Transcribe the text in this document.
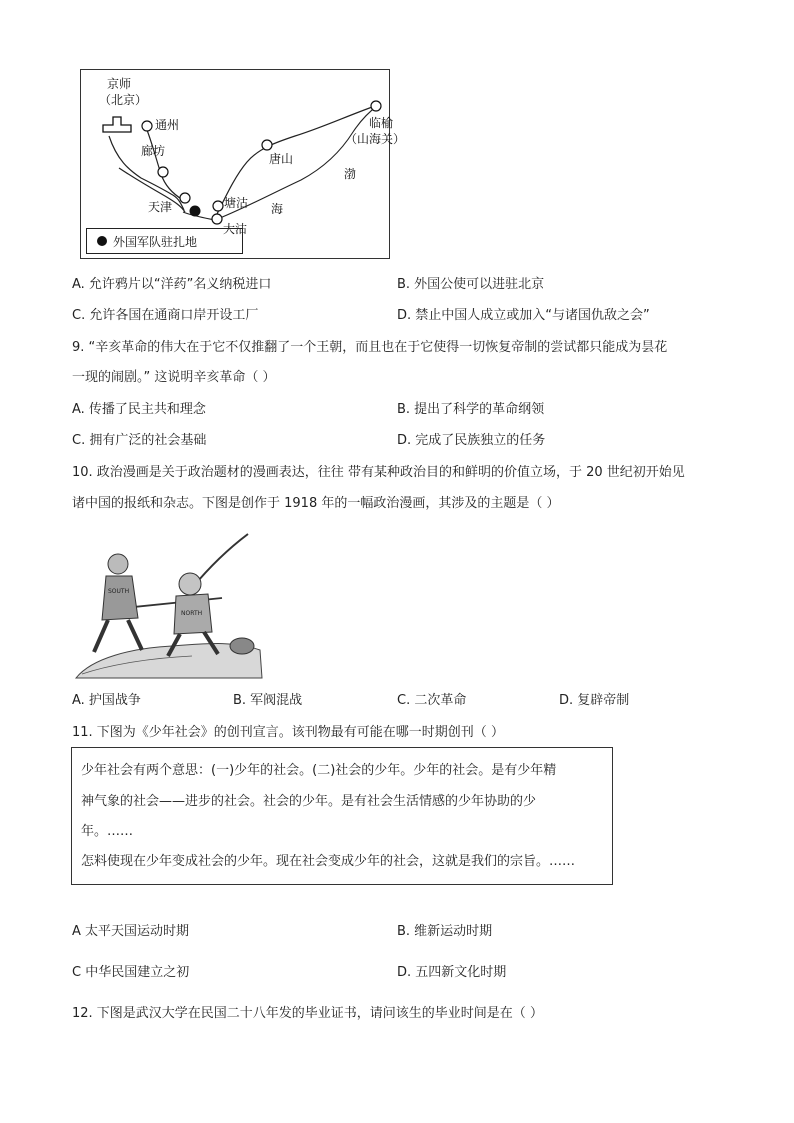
京师
（北京）
通州
廊坊
天津	塘沽
大沽
唐山
临榆
（山海关）
渤
海
外国军队驻扎地
A. 允许鸦片以“洋药”名义纳税进口	B. 外国公使可以进驻北京
C. 允许各国在通商口岸开设工厂	D. 禁止中国人成立或加入“与诸国仇敌之会”
9. “辛亥革命的伟大在于它不仅推翻了一个王朝，而且也在于它使得一切恢复帝制的尝试都只能成为昙花
一现的闹剧。” 这说明辛亥革命（ ）
A. 传播了民主共和理念	B. 提出了科学的革命纲领
C. 拥有广泛的社会基础	D. 完成了民族独立的任务
10. 政治漫画是关于政治题材的漫画表达，往往 带有某种政治目的和鲜明的价值立场，于 20 世纪初开始见
诸中国的报纸和杂志。下图是创作于 1918 年的一幅政治漫画，其涉及的主题是（ ）
SOUTH
NORTH
A. 护国战争	B. 军阀混战	C. 二次革命	D. 复辟帝制
11. 下图为《少年社会》的创刊宣言。该刊物最有可能在哪一时期创刊（ ）
少年社会有两个意思：(一)少年的社会。(二)社会的少年。少年的社会。是有少年精
神气象的社会——进步的社会。社会的少年。是有社会生活情感的少年协助的少
年。……
怎料使现在少年变成社会的少年。现在社会变成少年的社会，这就是我们的宗旨。……
A 太平天国运动时期	B. 维新运动时期
C 中华民国建立之初	D. 五四新文化时期
12. 下图是武汉大学在民国二十八年发的毕业证书，请问该生的毕业时间是在（ ）
